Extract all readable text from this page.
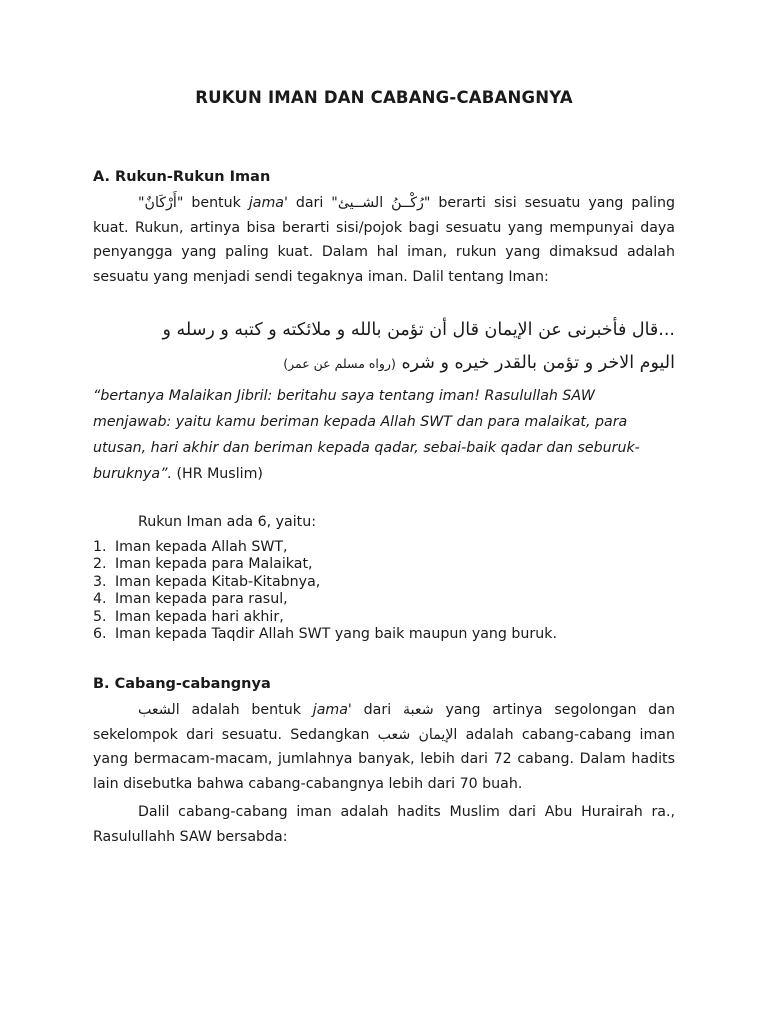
RUKUN IMAN DAN CABANG-CABANGNYA
A. Rukun-Rukun Iman
"أَرْكَانٌ" bentuk jama' dari "رُكْــنُ الشــيئ" berarti sisi sesuatu yang paling kuat. Rukun, artinya bisa berarti sisi/pojok bagi sesuatu yang mempunyai daya penyangga yang paling kuat. Dalam hal iman, rukun yang dimaksud adalah sesuatu yang menjadi sendi tegaknya iman. Dalil tentang Iman:
...قال فأخبرنى عن الإيمان قال أن تؤمن بالله و ملائكته و كتبه و رسله و
اليوم الاخر و تؤمن بالقدر خيره و شره (رواه مسلم عن عمر)
“bertanya Malaikan Jibril: beritahu saya tentang iman! Rasulullah SAW menjawab: yaitu kamu beriman kepada Allah SWT dan para malaikat, para utusan, hari akhir dan beriman kepada qadar, sebai-baik qadar dan seburuk-buruknya”. (HR Muslim)
Rukun Iman ada 6, yaitu:
1. Iman kepada Allah SWT,
2. Iman kepada para Malaikat,
3. Iman kepada Kitab-Kitabnya,
4. Iman kepada para rasul,
5. Iman kepada hari akhir,
6. Iman kepada Taqdir Allah SWT yang baik maupun yang buruk.
B. Cabang-cabangnya
الشعب adalah bentuk jama' dari شعبة yang artinya segolongan dan sekelompok dari sesuatu. Sedangkan الإيمان شعب adalah cabang-cabang iman yang bermacam-macam, jumlahnya banyak, lebih dari 72 cabang. Dalam hadits lain disebutka bahwa cabang-cabangnya lebih dari 70 buah.
Dalil cabang-cabang iman adalah hadits Muslim dari Abu Hurairah ra., Rasulullahh SAW bersabda:
